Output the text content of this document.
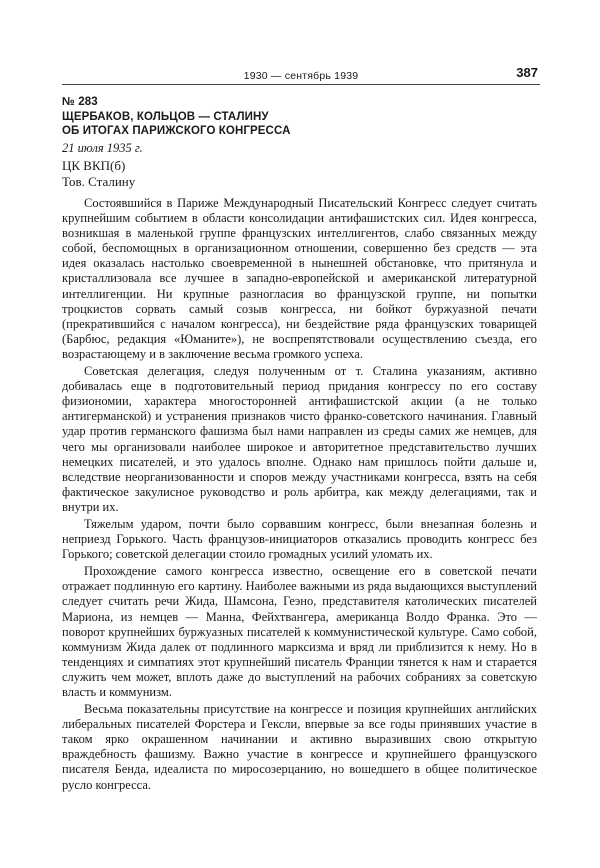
1930 — сентябрь 1939	387
№ 283
ЩЕРБАКОВ, КОЛЬЦОВ — СТАЛИНУ
ОБ ИТОГАХ ПАРИЖСКОГО КОНГРЕССА
21 июля 1935 г.
ЦК ВКП(б)
Тов. Сталину

Состоявшийся в Париже Международный Писательский Конгресс следует считать крупнейшим событием в области консолидации антифашистских сил. Идея конгресса, возникшая в маленькой группе французских интеллигентов, слабо связанных между собой, беспомощных в организационном отношении, совершенно без средств — эта идея оказалась настолько своевременной в нынешней обстановке, что притянула и кристаллизовала все лучшее в западно-европейской и американской литературной интеллигенции. Ни крупные разногласия во французской группе, ни попытки троцкистов сорвать самый созыв конгресса, ни бойкот буржуазной печати (прекратившийся с началом конгресса), ни бездействие ряда французских товарищей (Барбюс, редакция «Юманите»), не воспрепятствовали осуществлению съезда, его возрастающему и в заключение весьма громкого успеха.

Советская делегация, следуя полученным от т. Сталина указаниям, активно добивалась еще в подготовительный период придания конгрессу по его составу физиономии, характера многосторонней антифашистской акции (а не только антигерманской) и устранения признаков чисто франко-советского начинания. Главный удар против германского фашизма был нами направлен из среды самих же немцев, для чего мы организовали наиболее широкое и авторитетное представительство лучших немецких писателей, и это удалось вполне. Однако нам пришлось пойти дальше и, вследствие неорганизованности и споров между участниками конгресса, взять на себя фактическое закулисное руководство и роль арбитра, как между делегациями, так и внутри их.

Тяжелым ударом, почти было сорвавшим конгресс, были внезапная болезнь и неприезд Горького. Часть французов-инициаторов отказались проводить конгресс без Горького; советской делегации стоило громадных усилий уломать их.

Прохождение самого конгресса известно, освещение его в советской печати отражает подлинную его картину. Наиболее важными из ряда выдающихся выступлений следует считать речи Жида, Шамсона, Геэно, представителя католических писателей Мариона, из немцев — Манна, Фейхтвангера, американца Волдо Франка. Это — поворот крупнейших буржуазных писателей к коммунистической культуре. Само собой, коммунизм Жида далек от подлинного марксизма и вряд ли приблизится к нему. Но в тенденциях и симпатиях этот крупнейший писатель Франции тянется к нам и старается служить чем может, вплоть даже до выступлений на рабочих собраниях за советскую власть и коммунизм.

Весьма показательны присутствие на конгрессе и позиция крупнейших английских либеральных писателей Форстера и Гексли, впервые за все годы принявших участие в таком ярко окрашенном начинании и активно выразивших свою открытую враждебность фашизму. Важно участие в конгрессе и крупнейшего французского писателя Бенда, идеалиста по миросозерцанию, но вошедшего в общее политическое русло конгресса.
